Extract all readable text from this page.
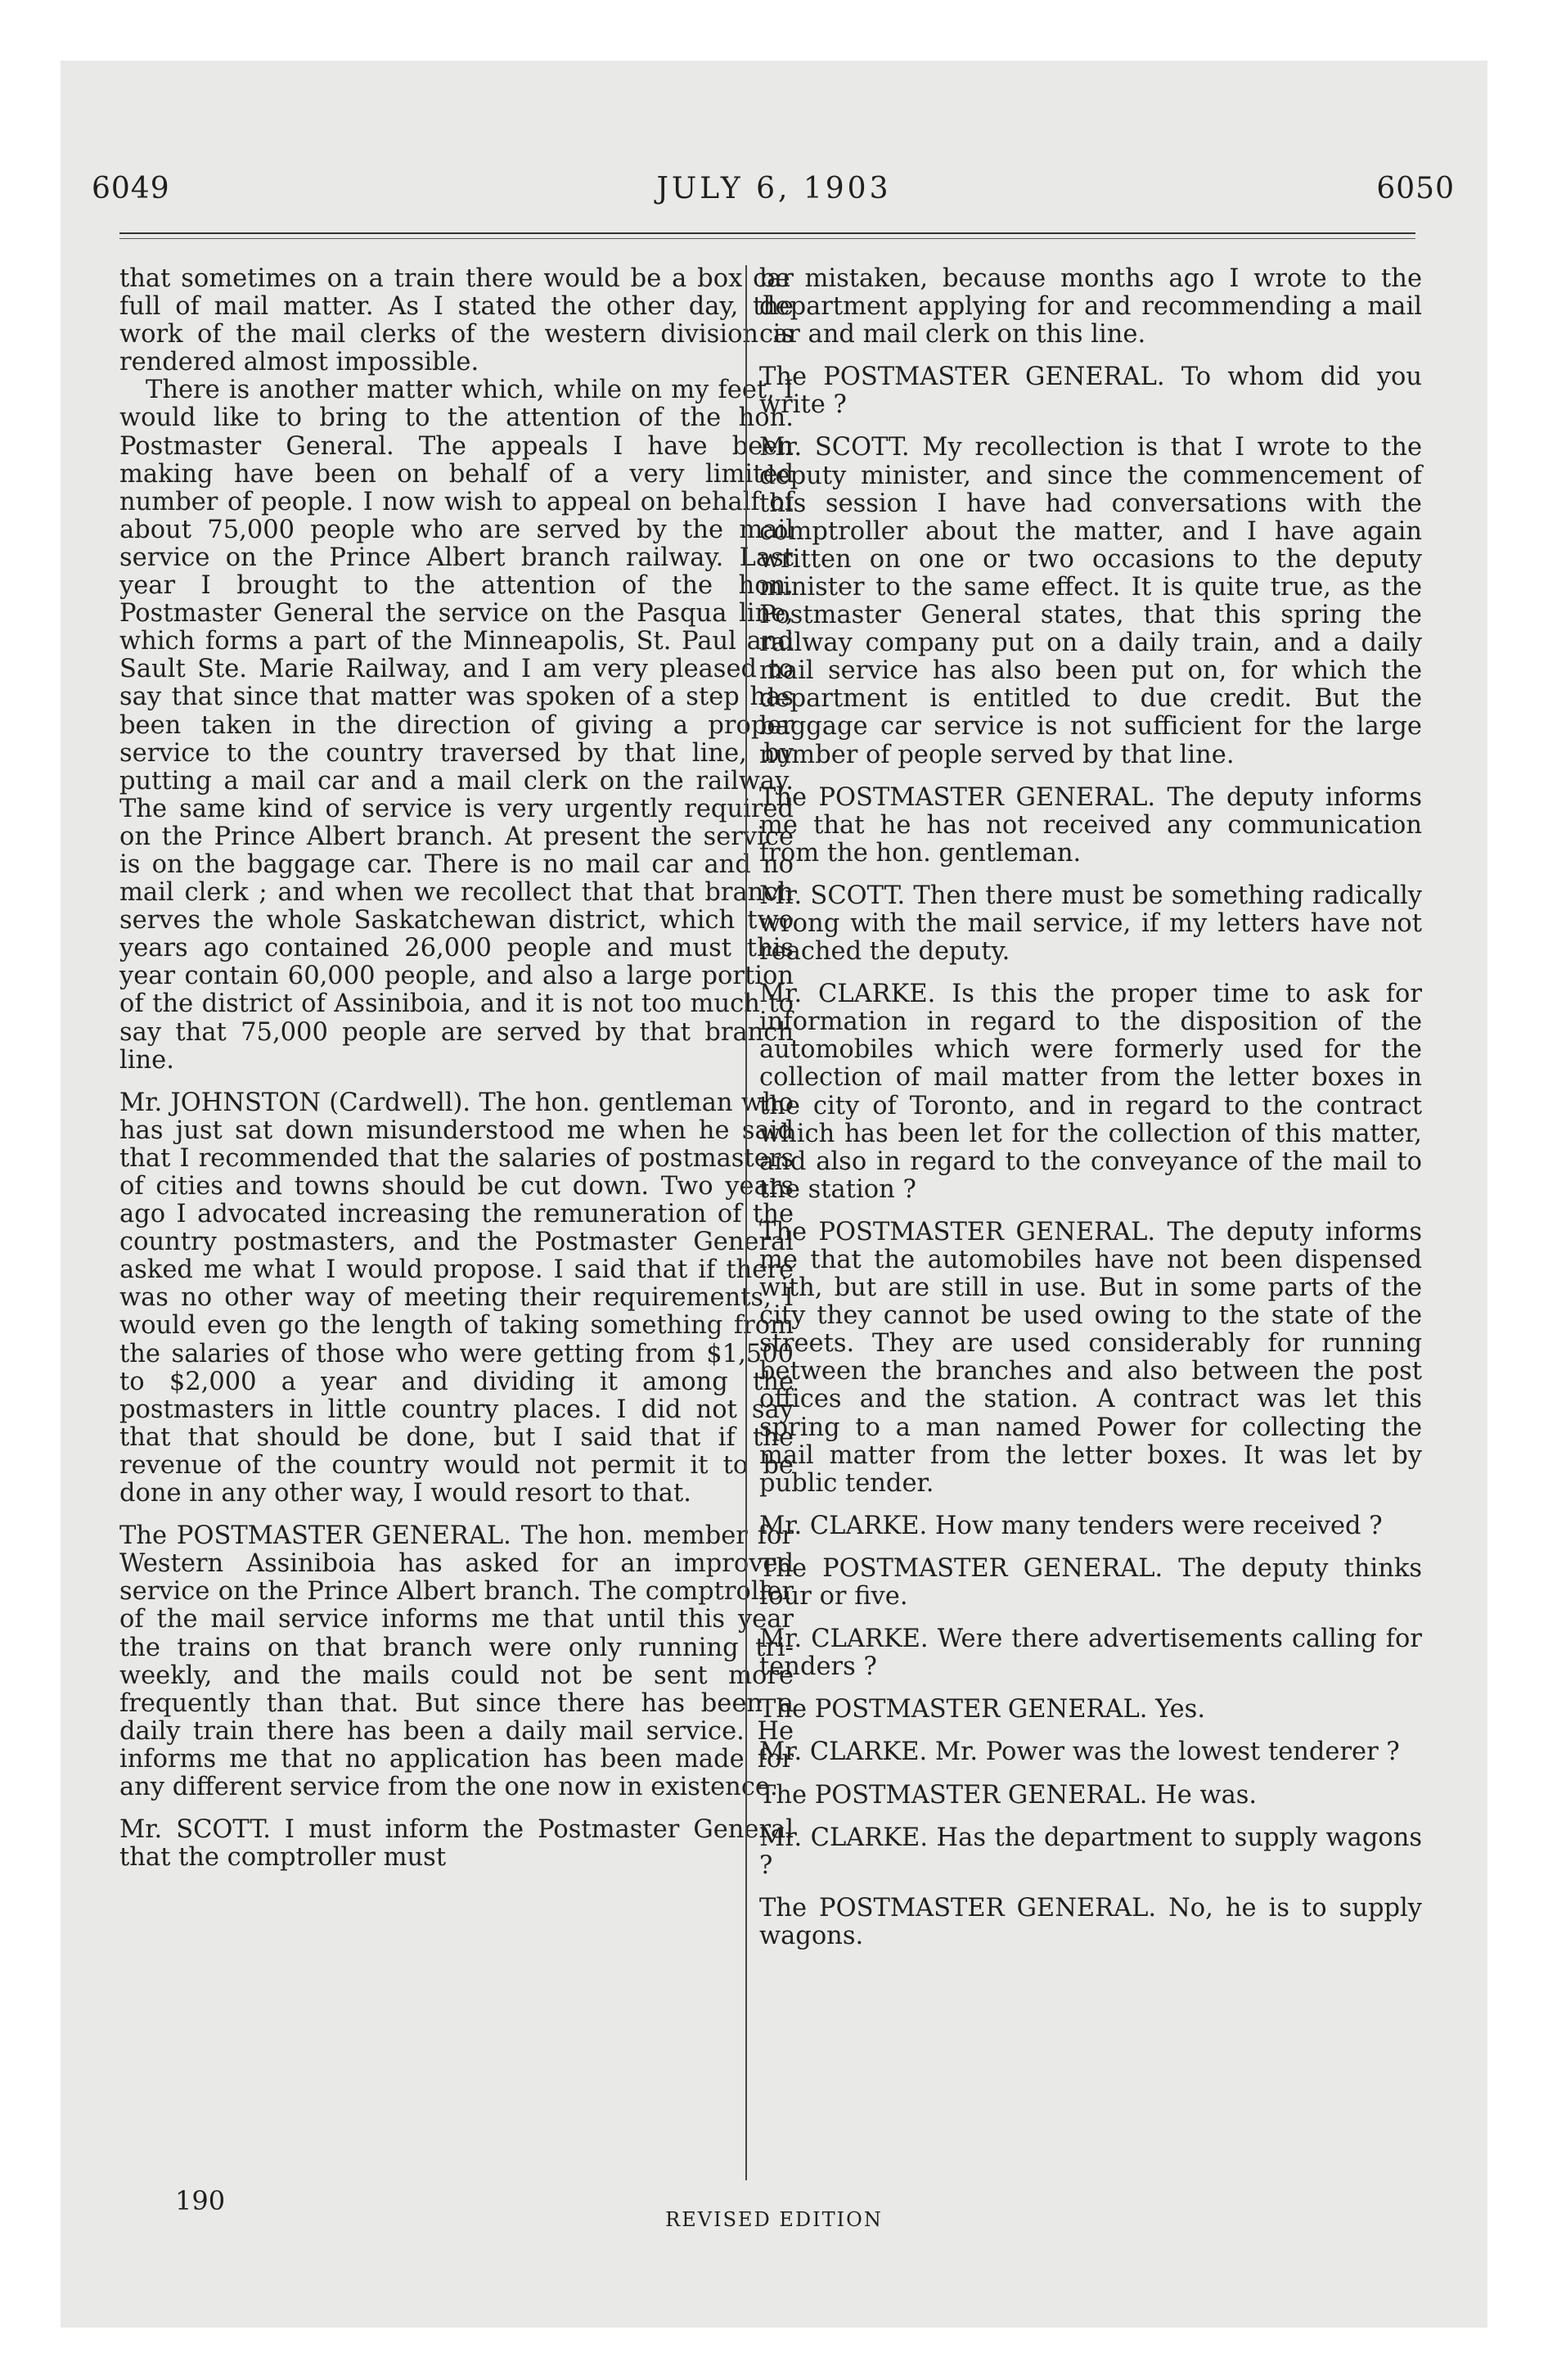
6049	JULY 6, 1903	6050

that sometimes on a train there would be a box car full of mail matter. As I stated the other day, the work of the mail clerks of the western division is rendered almost impossible.

There is another matter which, while on my feet, I would like to bring to the attention of the hon. Postmaster General. The appeals I have been making have been on behalf of a very limited number of people. I now wish to appeal on behalf of about 75,000 people who are served by the mail service on the Prince Albert branch railway. Last year I brought to the attention of the hon. Postmaster General the service on the Pasqua line, which forms a part of the Minneapolis, St. Paul and Sault Ste. Marie Railway, and I am very pleased to say that since that matter was spoken of a step has been taken in the direction of giving a proper service to the country traversed by that line, by putting a mail car and a mail clerk on the railway. The same kind of service is very urgently required on the Prince Albert branch. At present the service is on the baggage car. There is no mail car and no mail clerk ; and when we recollect that that branch serves the whole Saskatchewan district, which two years ago contained 26,000 people and must this year contain 60,000 people, and also a large portion of the district of Assiniboia, and it is not too much to say that 75,000 people are served by that branch line.

Mr. JOHNSTON (Cardwell). The hon. gentleman who has just sat down misunderstood me when he said that I recommended that the salaries of postmasters of cities and towns should be cut down. Two years ago I advocated increasing the remuneration of the country postmasters, and the Postmaster General asked me what I would propose. I said that if there was no other way of meeting their requirements, I would even go the length of taking something from the salaries of those who were getting from $1,500 to $2,000 a year and dividing it among the postmasters in little country places. I did not say that that should be done, but I said that if the revenue of the country would not permit it to be done in any other way, I would resort to that.

The POSTMASTER GENERAL. The hon. member for Western Assiniboia has asked for an improved service on the Prince Albert branch. The comptroller of the mail service informs me that until this year the trains on that branch were only running tri-weekly, and the mails could not be sent more frequently than that. But since there has been a daily train there has been a daily mail service. He informs me that no application has been made for any different service from the one now in existence.

Mr. SCOTT. I must inform the Postmaster General that the comptroller must

be mistaken, because months ago I wrote to the department applying for and recommending a mail car and mail clerk on this line.

The POSTMASTER GENERAL. To whom did you write ?

Mr. SCOTT. My recollection is that I wrote to the deputy minister, and since the commencement of this session I have had conversations with the comptroller about the matter, and I have again written on one or two occasions to the deputy minister to the same effect. It is quite true, as the Postmaster General states, that this spring the railway company put on a daily train, and a daily mail service has also been put on, for which the department is entitled to due credit. But the baggage car service is not sufficient for the large number of people served by that line.

The POSTMASTER GENERAL. The deputy informs me that he has not received any communication from the hon. gentleman.

Mr. SCOTT. Then there must be something radically wrong with the mail service, if my letters have not reached the deputy.

Mr. CLARKE. Is this the proper time to ask for information in regard to the disposition of the automobiles which were formerly used for the collection of mail matter from the letter boxes in the city of Toronto, and in regard to the contract which has been let for the collection of this matter, and also in regard to the conveyance of the mail to the station ?

The POSTMASTER GENERAL. The deputy informs me that the automobiles have not been dispensed with, but are still in use. But in some parts of the city they cannot be used owing to the state of the streets. They are used considerably for running between the branches and also between the post offices and the station. A contract was let this spring to a man named Power for collecting the mail matter from the letter boxes. It was let by public tender.

Mr. CLARKE. How many tenders were received ?

The POSTMASTER GENERAL. The deputy thinks four or five.

Mr. CLARKE. Were there advertisements calling for tenders ?

The POSTMASTER GENERAL. Yes.

Mr. CLARKE. Mr. Power was the lowest tenderer ?

The POSTMASTER GENERAL. He was.

Mr. CLARKE. Has the department to supply wagons ?

The POSTMASTER GENERAL. No, he is to supply wagons.

190
REVISED EDITION
